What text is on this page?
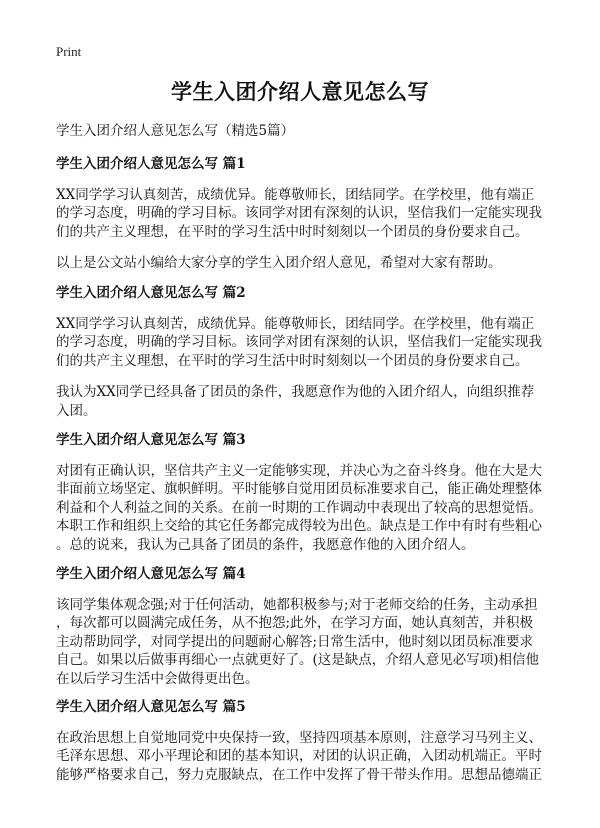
Print
学生入团介绍人意见怎么写
学生入团介绍人意见怎么写（精选5篇）
学生入团介绍人意见怎么写 篇1
XX同学学习认真刻苦，成绩优异。能尊敬师长，团结同学。在学校里，他有端正
的学习态度，明确的学习目标。该同学对团有深刻的认识，坚信我们一定能实现我
们的共产主义理想，在平时的学习生活中时时刻刻以一个团员的身份要求自己。
以上是公文站小编给大家分享的学生入团介绍人意见，希望对大家有帮助。
学生入团介绍人意见怎么写 篇2
XX同学学习认真刻苦，成绩优异。能尊敬师长，团结同学。在学校里，他有端正
的学习态度，明确的学习目标。该同学对团有深刻的认识，坚信我们一定能实现我
们的共产主义理想，在平时的学习生活中时时刻刻以一个团员的身份要求自己。
我认为XX同学已经具备了团员的条件，我愿意作为他的入团介绍人，向组织推荐
入团。
学生入团介绍人意见怎么写 篇3
对团有正确认识，坚信共产主义一定能够实现，并决心为之奋斗终身。他在大是大
非面前立场坚定、旗帜鲜明。平时能够自觉用团员标准要求自己，能正确处理整体
利益和个人利益之间的关系。在前一时期的工作调动中表现出了较高的思想觉悟。
本职工作和组织上交给的其它任务都完成得较为出色。缺点是工作中有时有些粗心
。总的说来，我认为己具备了团员的条件，我愿意作他的入团介绍人。
学生入团介绍人意见怎么写 篇4
该同学集体观念强;对于任何活动，她都积极参与;对于老师交给的任务，主动承担
，每次都可以圆满完成任务，从不抱怨;此外，在学习方面，她认真刻苦，并积极
主动帮助同学，对同学提出的问题耐心解答;日常生活中，他时刻以团员标准要求
自己。如果以后做事再细心一点就更好了。(这是缺点，介绍人意见必写项)相信他
在以后学习生活中会做得更出色。
学生入团介绍人意见怎么写 篇5
在政治思想上自觉地同党中央保持一致，坚持四项基本原则，注意学习马列主义、
毛泽东思想、邓小平理论和团的基本知识，对团的认识正确，入团动机端正。平时
能够严格要求自己，努力克服缺点，在工作中发挥了骨干带头作用。思想品德端正
